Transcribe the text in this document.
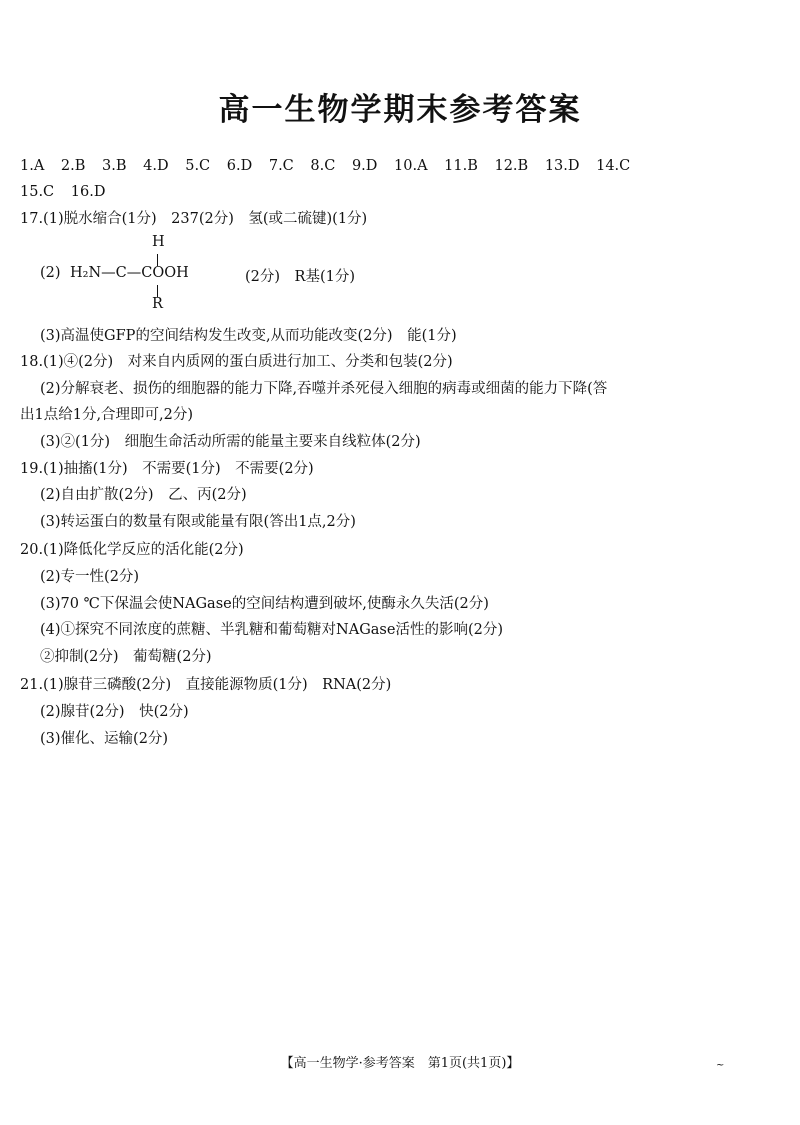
高一生物学期末参考答案
1.A 2.B 3.B 4.D 5.C 6.D 7.C 8.C 9.D 10.A 11.B 12.B 13.D 14.C
15.C 16.D
17.(1)脱水缩合(1分)　237(2分)　氢(或二硫键)(1分)
(2)
H
H₂N—C—COOH	(2分)　R基(1分)
R
(3)高温使GFP的空间结构发生改变,从而功能改变(2分)　能(1分)
18.(1)④(2分)　对来自内质网的蛋白质进行加工、分类和包装(2分)
(2)分解衰老、损伤的细胞器的能力下降,吞噬并杀死侵入细胞的病毒或细菌的能力下降(答
出1点给1分,合理即可,2分)
(3)②(1分)　细胞生命活动所需的能量主要来自线粒体(2分)
19.(1)抽搐(1分)　不需要(1分)　不需要(2分)
(2)自由扩散(2分)　乙、丙(2分)
(3)转运蛋白的数量有限或能量有限(答出1点,2分)
20.(1)降低化学反应的活化能(2分)
(2)专一性(2分)
(3)70 ℃下保温会使NAGase的空间结构遭到破坏,使酶永久失活(2分)
(4)①探究不同浓度的蔗糖、半乳糖和葡萄糖对NAGase活性的影响(2分)
②抑制(2分)　葡萄糖(2分)
21.(1)腺苷三磷酸(2分)　直接能源物质(1分)　RNA(2分)
(2)腺苷(2分)　快(2分)
(3)催化、运输(2分)
【高一生物学·参考答案　第1页(共1页)】	~
